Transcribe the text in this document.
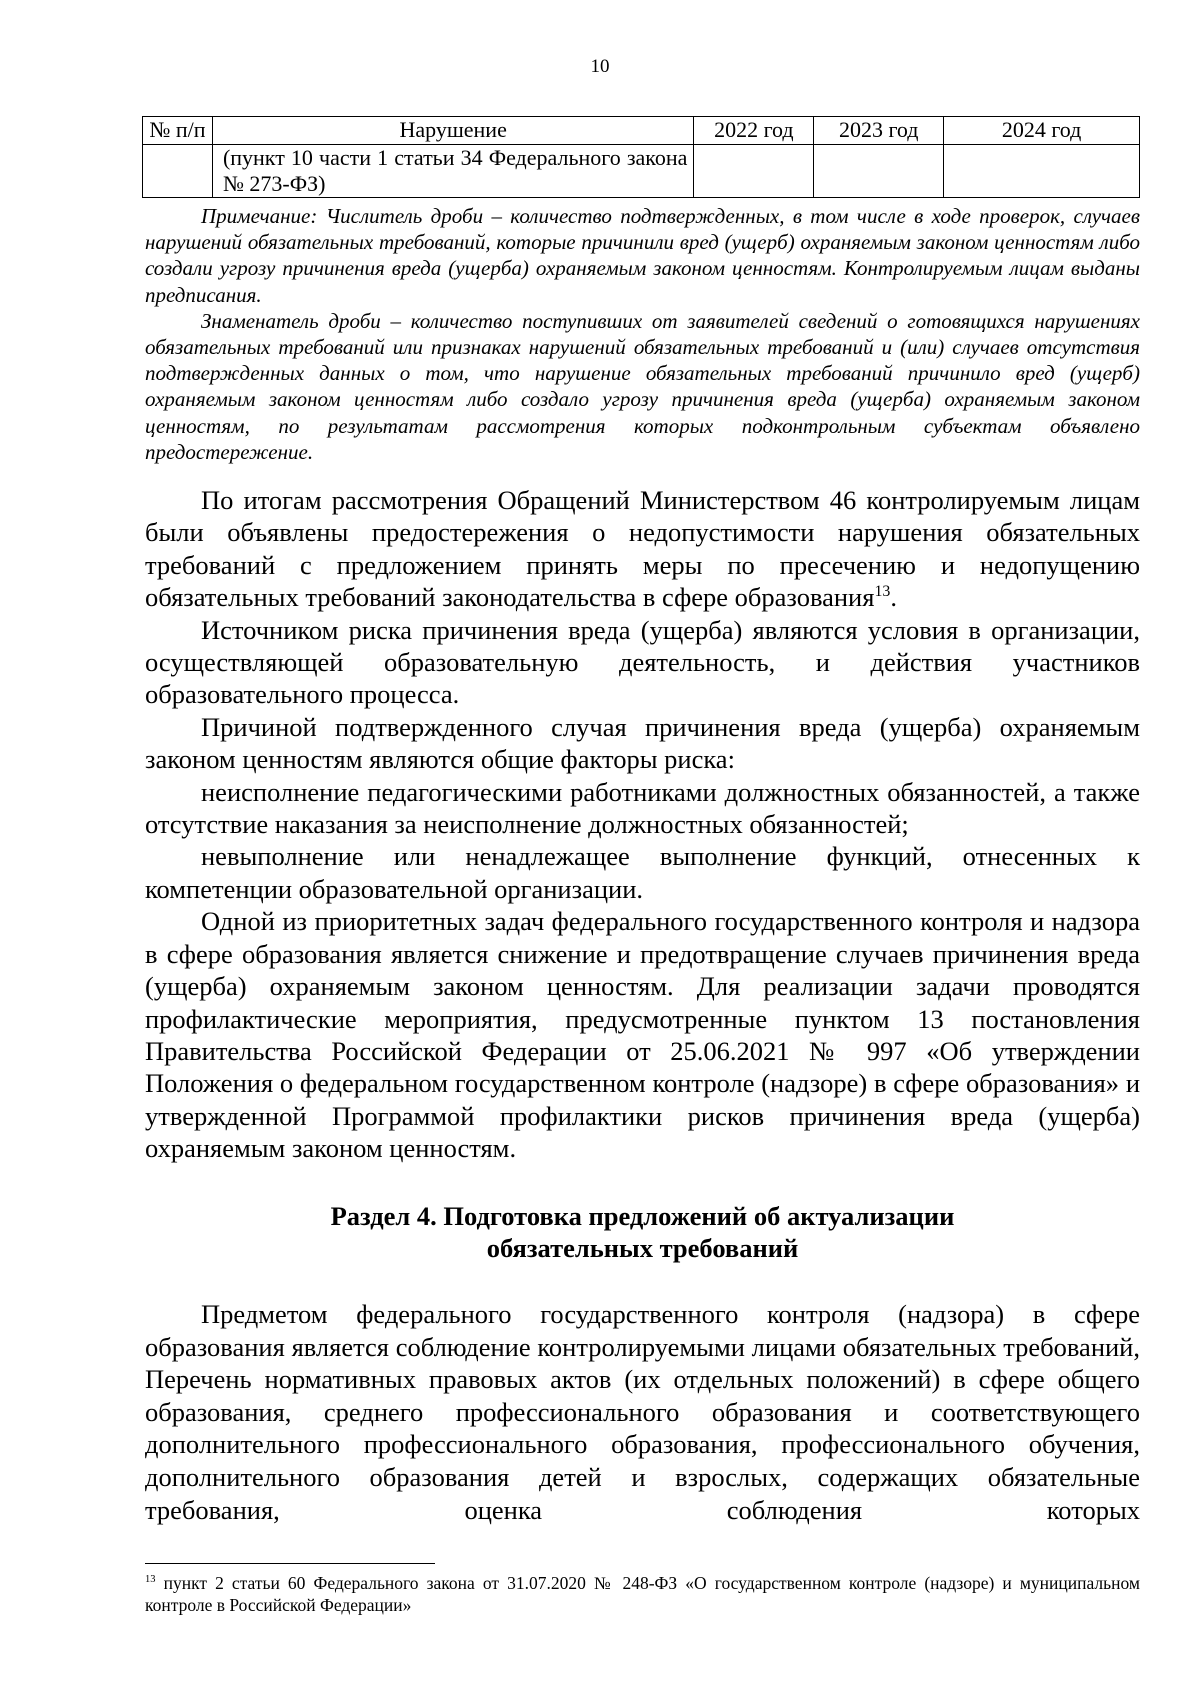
10
№ п/п	Нарушение	2022 год	2023 год	2024 год
	(пункт 10 части 1 статьи 34 Федерального закона № 273-ФЗ)			

Примечание: Числитель дроби – количество подтвержденных, в том числе в ходе проверок, случаев нарушений обязательных требований, которые причинили вред (ущерб) охраняемым законом ценностям либо создали угрозу причинения вреда (ущерба) охраняемым законом ценностям. Контролируемым лицам выданы предписания.

Знаменатель дроби – количество поступивших от заявителей сведений о готовящихся нарушениях обязательных требований или признаках нарушений обязательных требований и (или) случаев отсутствия подтвержденных данных о том, что нарушение обязательных требований причинило вред (ущерб) охраняемым законом ценностям либо создало угрозу причинения вреда (ущерба) охраняемым законом ценностям, по результатам рассмотрения которых подконтрольным субъектам объявлено предостережение.

По итогам рассмотрения Обращений Министерством 46 контролируемым лицам были объявлены предостережения о недопустимости нарушения обязательных требований с предложением принять меры по пресечению и недопущению обязательных требований законодательства в сфере образования$^{13}$.

Источником риска причинения вреда (ущерба) являются условия в организации, осуществляющей образовательную деятельность, и действия участников образовательного процесса.

Причиной подтвержденного случая причинения вреда (ущерба) охраняемым законом ценностям являются общие факторы риска:

неисполнение педагогическими работниками должностных обязанностей, а также отсутствие наказания за неисполнение должностных обязанностей;

невыполнение или ненадлежащее выполнение функций, отнесенных к компетенции образовательной организации.

Одной из приоритетных задач федерального государственного контроля и надзора в сфере образования является снижение и предотвращение случаев причинения вреда (ущерба) охраняемым законом ценностям. Для реализации задачи проводятся профилактические мероприятия, предусмотренные пунктом 13 постановления Правительства Российской Федерации от 25.06.2021 № 997 «Об утверждении Положения о федеральном государственном контроле (надзоре) в сфере образования» и утвержденной Программой профилактики рисков причинения вреда (ущерба) охраняемым законом ценностям.

Раздел 4. Подготовка предложений об актуализации
обязательных требований

Предметом федерального государственного контроля (надзора) в сфере образования является соблюдение контролируемыми лицами обязательных требований, Перечень нормативных правовых актов (их отдельных положений) в сфере общего образования, среднего профессионального образования и соответствующего дополнительного профессионального образования, профессионального обучения, дополнительного образования детей и взрослых, содержащих обязательные требования, оценка соблюдения которых

$^{13}$ пункт 2 статьи 60 Федерального закона от 31.07.2020 № 248-ФЗ «О государственном контроле (надзоре) и муниципальном контроле в Российской Федерации»
